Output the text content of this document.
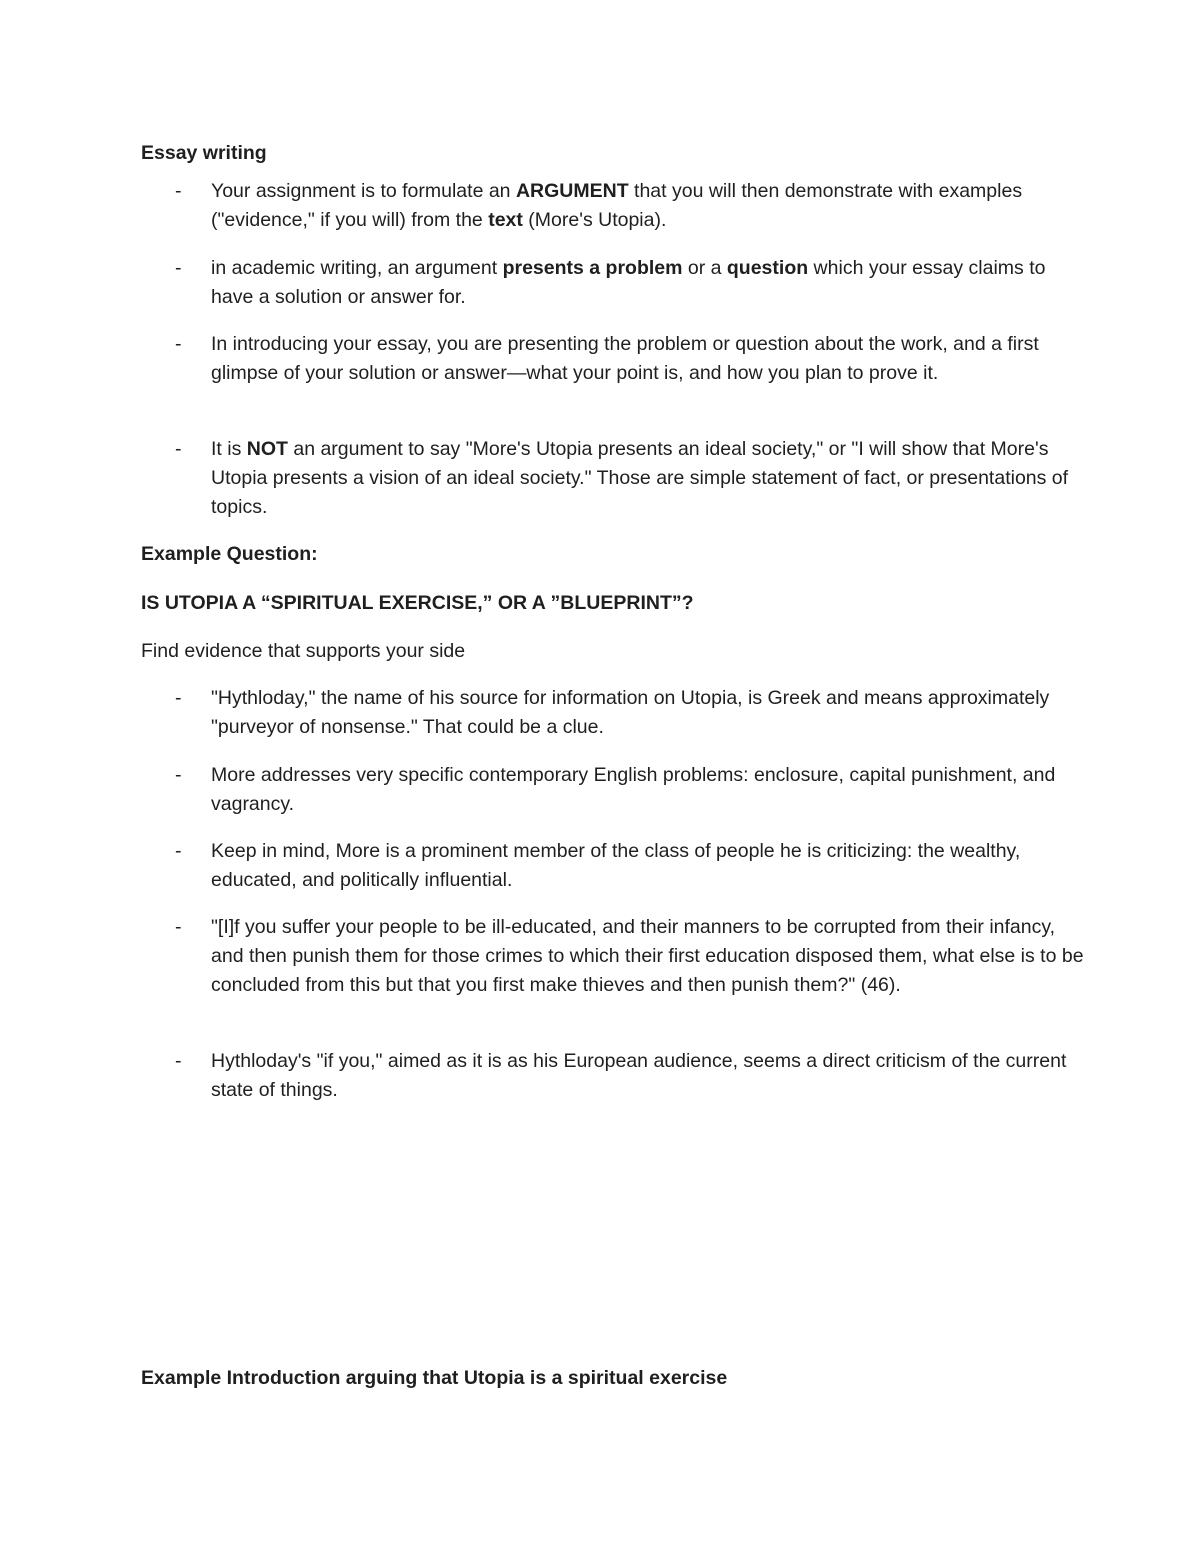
Essay writing
- Your assignment is to formulate an ARGUMENT that you will then demonstrate with examples ("evidence," if you will) from the text (More's Utopia).
- in academic writing, an argument presents a problem or a question which your essay claims to have a solution or answer for.
- In introducing your essay, you are presenting the problem or question about the work, and a first glimpse of your solution or answer—what your point is, and how you plan to prove it.
- It is NOT an argument to say "More's Utopia presents an ideal society," or "I will show that More's Utopia presents a vision of an ideal society." Those are simple statement of fact, or presentations of topics.
Example Question:
IS UTOPIA A “SPIRITUAL EXERCISE,” OR A ”BLUEPRINT”?

Find evidence that supports your side

- "Hythloday," the name of his source for information on Utopia, is Greek and means approximately "purveyor of nonsense." That could be a clue.
- More addresses very specific contemporary English problems: enclosure, capital punishment, and vagrancy.
- Keep in mind, More is a prominent member of the class of people he is criticizing: the wealthy, educated, and politically influential.
- "[I]f you suffer your people to be ill-educated, and their manners to be corrupted from their infancy, and then punish them for those crimes to which their first education disposed them, what else is to be concluded from this but that you first make thieves and then punish them?" (46).
- Hythloday's "if you," aimed as it is as his European audience, seems a direct criticism of the current state of things.
Example Introduction arguing that Utopia is a spiritual exercise
